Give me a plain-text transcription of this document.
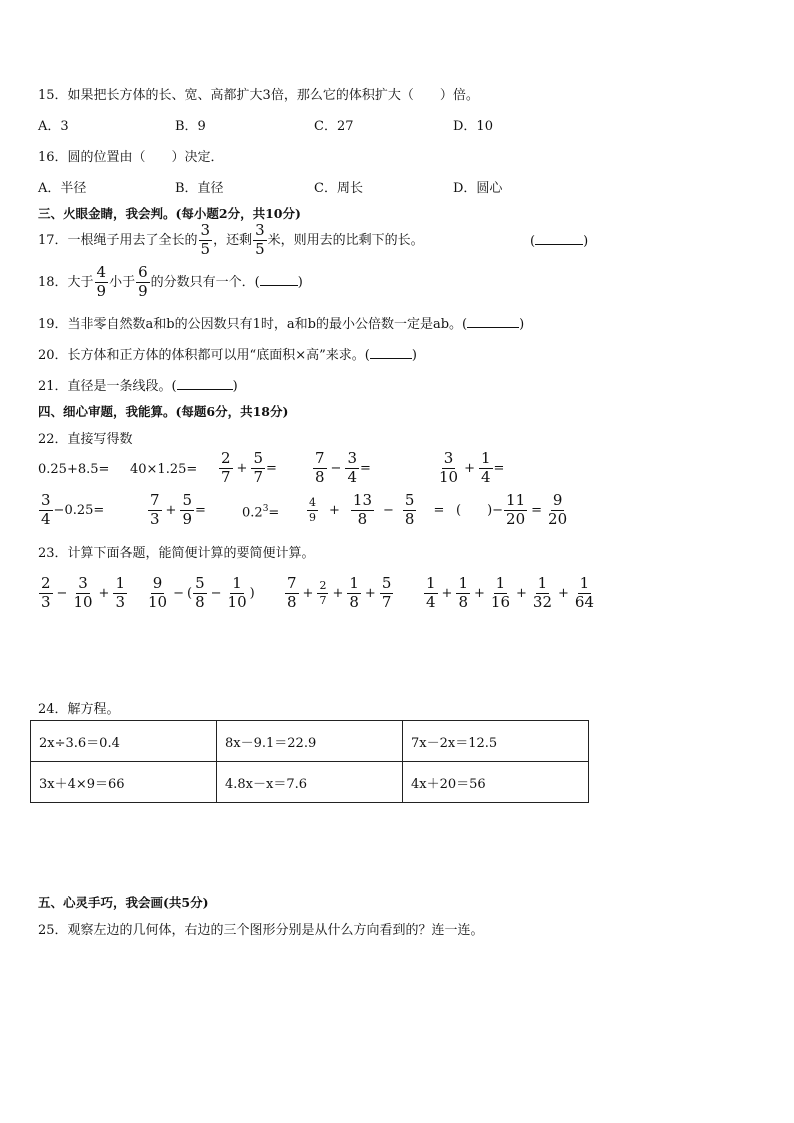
15．如果把长方体的长、宽、高都扩大3倍，那么它的体积扩大（　　）倍。
A．3	B．9	C．27	D．10
16．圆的位置由（　　）决定．
A．半径	B．直径	C．周长	D．圆心
三、火眼金睛，我会判。(每小题2分，共10分)
17．一根绳子用去了全长的 $\frac{3}{5}$ ，还剩 $\frac{3}{5}$ 米，则用去的比剩下的长。	(	)
18．大于 $\frac{4}{9}$ 小于 $\frac{6}{9}$ 的分数只有一个．(	)
19．当非零自然数a和b的公因数只有1时，a和b的最小公倍数一定是ab。(	)
20．长方体和正方体的体积都可以用“底面积×高”来求。(	)
21．直径是一条线段。(	)
四、细心审题，我能算。(每题6分，共18分)
22．直接写得数
$0.25+8.5= 40\times 1.25= \frac{2}{7} + \frac{5}{7} = \frac{7}{8} - \frac{3}{4}$ =	$\frac{3}{10} + \frac{1}{4}$ =
$\frac{3}{4} -0.25=$	$\frac{7}{3} + \frac{5}{9}$ =	$0.2^3=$	$\frac{4}{9} + \frac{13}{8} - \frac{5}{8}$ = (　　)− $\frac{11}{20} = \frac{9}{20}$
23．计算下面各题，能简便计算的要简便计算。
$\frac{2}{3} - \frac{3}{10} + \frac{1}{3} \frac{9}{10}$ − ( $\frac{5}{8} - \frac{1}{10}$ ) $\frac{7}{8} + \frac{2}{7} + \frac{1}{8} + \frac{5}{7} \frac{1}{4} + \frac{1}{8} + \frac{1}{16} + \frac{1}{32} + \frac{1}{64}$
24．解方程。
2x÷3.6＝0.4	8x－9.1＝22.9	7x－2x＝12.5
3x＋4×9＝66	4.8x－x＝7.6	4x＋20＝56
五、心灵手巧，我会画(共5分)
25．观察左边的几何体，右边的三个图形分别是从什么方向看到的？连一连。
